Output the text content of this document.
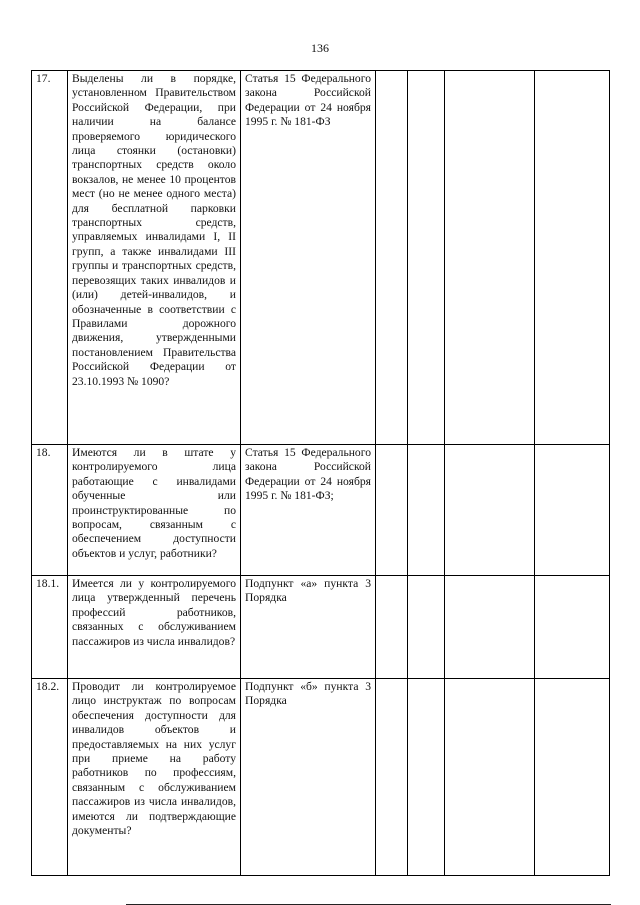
136
17.	Выделены ли в порядке, установленном Правительством Российской Федерации, при наличии на балансе проверяемого юридического лица стоянки (остановки) транспортных средств около вокзалов, не менее 10 процентов мест (но не менее одного места) для бесплатной парковки транспортных средств, управляемых инвалидами I, II групп, а также инвалидами III группы и транспортных средств, перевозящих таких инвалидов и (или) детей-инвалидов, и обозначенные в соответствии с Правилами дорожного движения, утвержденными постановлением Правительства Российской Федерации от 23.10.1993 № 1090?	Статья 15 Федерального закона Российской Федерации от 24 ноября 1995 г. № 181-ФЗ				
18.	Имеются ли в штате у контролируемого лица работающие с инвалидами обученные или проинструктированные по вопросам, связанным с обеспечением доступности объектов и услуг, работники?	Статья 15 Федерального закона Российской Федерации от 24 ноября 1995 г. № 181-ФЗ;				
18.1.	Имеется ли у контролируемого лица утвержденный перечень профессий работников, связанных с обслуживанием пассажиров из числа инвалидов?	Подпункт «а» пункта 3 Порядка				
18.2.	Проводит ли контролируемое лицо инструктаж по вопросам обеспечения доступности для инвалидов объектов и предоставляемых на них услуг при приеме на работу работников по профессиям, связанным с обслуживанием пассажиров из числа инвалидов, имеются ли подтверждающие документы?	Подпункт «б» пункта 3 Порядка				
